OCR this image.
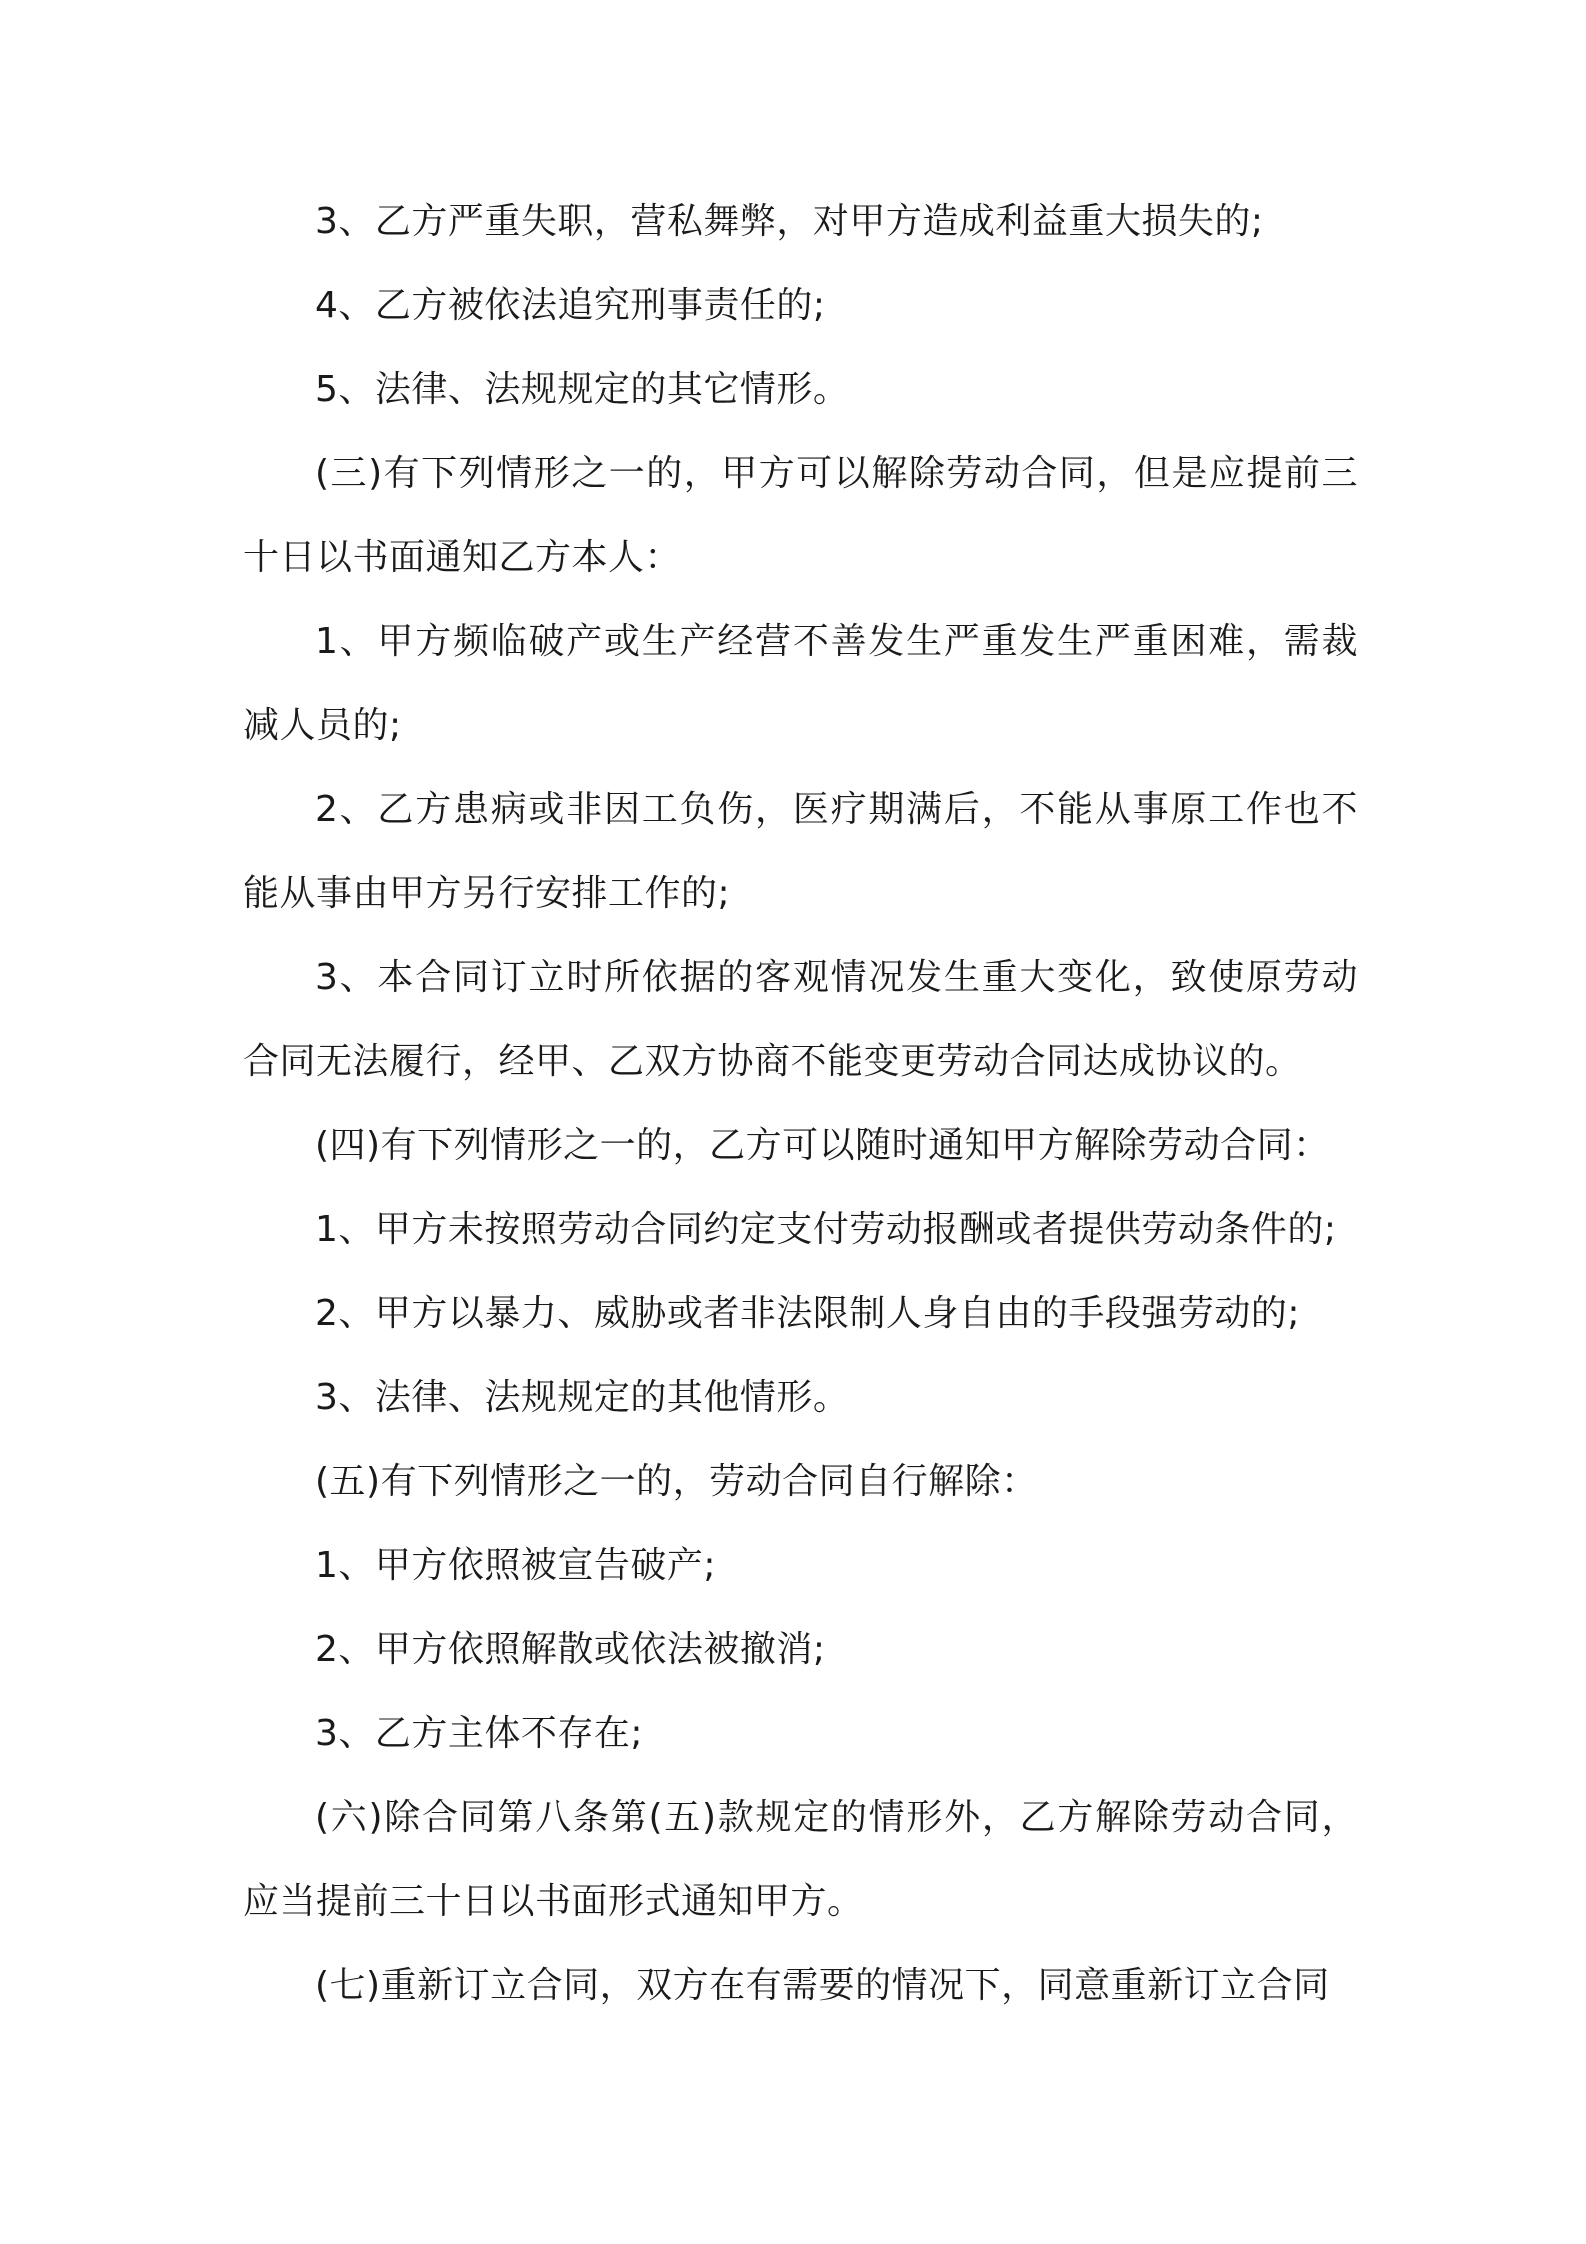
3、乙方严重失职，营私舞弊，对甲方造成利益重大损失的;

4、乙方被依法追究刑事责任的;

5、法律、法规规定的其它情形。

(三)有下列情形之一的，甲方可以解除劳动合同，但是应提前三十日以书面通知乙方本人：

1、甲方频临破产或生产经营不善发生严重发生严重困难，需裁减人员的;

2、乙方患病或非因工负伤，医疗期满后，不能从事原工作也不能从事由甲方另行安排工作的;

3、本合同订立时所依据的客观情况发生重大变化，致使原劳动合同无法履行，经甲、乙双方协商不能变更劳动合同达成协议的。

(四)有下列情形之一的，乙方可以随时通知甲方解除劳动合同：

1、甲方未按照劳动合同约定支付劳动报酬或者提供劳动条件的;

2、甲方以暴力、威胁或者非法限制人身自由的手段强劳动的;

3、法律、法规规定的其他情形。

(五)有下列情形之一的，劳动合同自行解除：

1、甲方依照被宣告破产;

2、甲方依照解散或依法被撤消;

3、乙方主体不存在;

(六)除合同第八条第(五)款规定的情形外，乙方解除劳动合同，应当提前三十日以书面形式通知甲方。

(七)重新订立合同，双方在有需要的情况下，同意重新订立合同
